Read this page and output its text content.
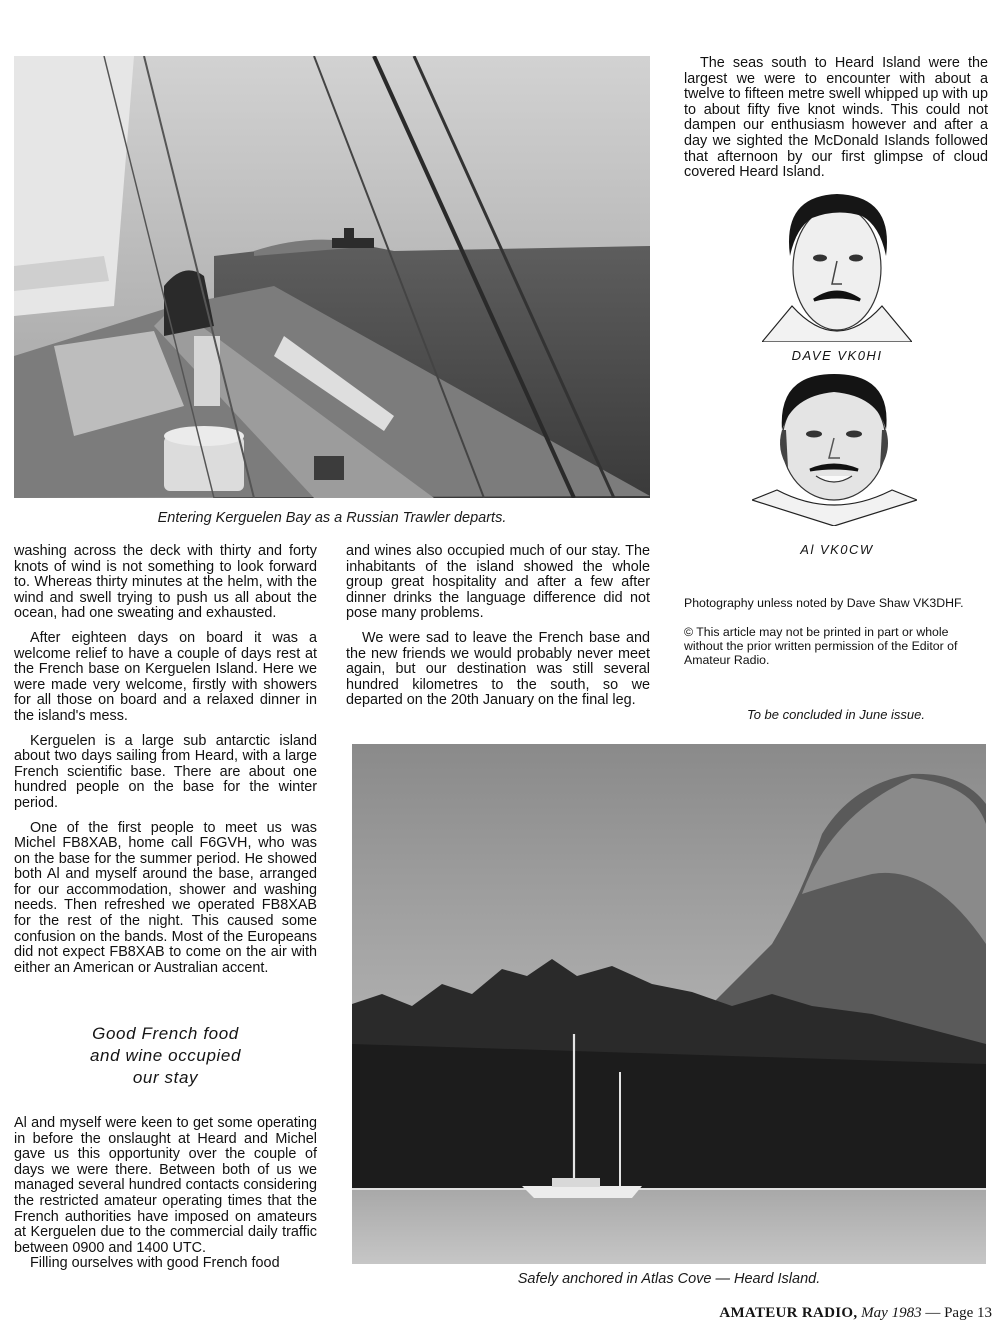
Entering Kerguelen Bay as a Russian Trawler departs.

The seas south to Heard Island were the largest we were to encounter with about a twelve to fifteen metre swell whipped up with up to about fifty five knot winds. This could not dampen our enthusiasm however and after a day we sighted the McDonald Islands followed that afternoon by our first glimpse of cloud covered Heard Island.

DAVE VK0HI
Al VK0CW
Photography unless noted by Dave Shaw VK3DHF.
© This article may not be printed in part or whole without the prior written permission of the Editor of Amateur Radio.
To be concluded in June issue.

washing across the deck with thirty and forty knots of wind is not something to look forward to. Whereas thirty minutes at the helm, with the wind and swell trying to push us all about the ocean, had one sweating and exhausted.

After eighteen days on board it was a welcome relief to have a couple of days rest at the French base on Kerguelen Island. Here we were made very welcome, firstly with showers for all those on board and a relaxed dinner in the island's mess.

Kerguelen is a large sub antarctic island about two days sailing from Heard, with a large French scientific base. There are about one hundred people on the base for the winter period.

One of the first people to meet us was Michel FB8XAB, home call F6GVH, who was on the base for the summer period. He showed both Al and myself around the base, arranged for our accommodation, shower and washing needs. Then refreshed we operated FB8XAB for the rest of the night. This caused some confusion on the bands. Most of the Europeans did not expect FB8XAB to come on the air with either an American or Australian accent.

Good French food
and wine occupied
our stay

Al and myself were keen to get some operating in before the onslaught at Heard and Michel gave us this opportunity over the couple of days we were there. Between both of us we managed several hundred contacts considering the restricted amateur operating times that the French authorities have imposed on amateurs at Kerguelen due to the commercial daily traffic between 0900 and 1400 UTC.

Filling ourselves with good French food

and wines also occupied much of our stay. The inhabitants of the island showed the whole group great hospitality and after a few after dinner drinks the language difference did not pose many problems.

We were sad to leave the French base and the new friends we would probably never meet again, but our destination was still several hundred kilometres to the south, so we departed on the 20th January on the final leg.

Safely anchored in Atlas Cove — Heard Island.
AMATEUR RADIO, May 1983 — Page 13
